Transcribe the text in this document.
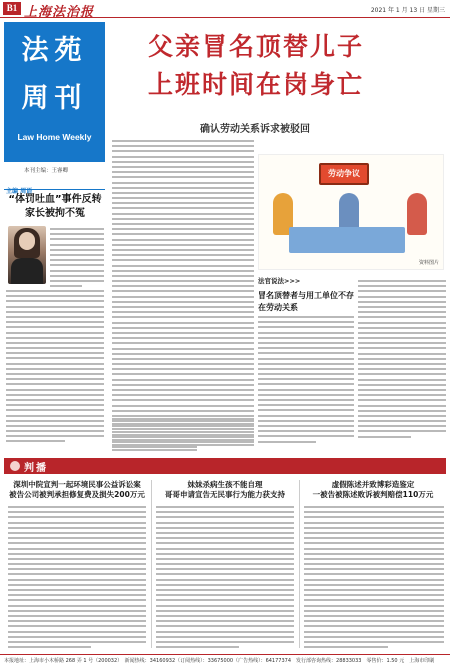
B1 上海法治报	2021 年 1 月 13 日 星期三
法苑
周刊
Law Home Weekly
本刊主编：王睿卿
父亲冒名顶替儿子
上班时间在岗身亡
确认劳动关系诉求被驳回
主编 周语
“体罚吐血”事件反转
家长被拘不冤
劳动争议
资料图片
法官说法>>>
冒名顶替者与用工单位不存
在劳动关系
判播
深圳中院宣判一起环境民事公益诉讼案
被告公司被判承担修复费及损失200万元
妹妹杀病生孩不能自理
哥哥申请宣告无民事行为能力获支持
虚假陈述并致博彩造鉴定
一被告被陈述败诉被判赔偿110万元
本报地址：上海市小木桥路 268 弄 1 号（200032）　新闻热线：34160932（订阅热线）：33675000（广告热线）：64177374　发行部咨询热线：28833033　零售价：1.50 元　上海市印刷
